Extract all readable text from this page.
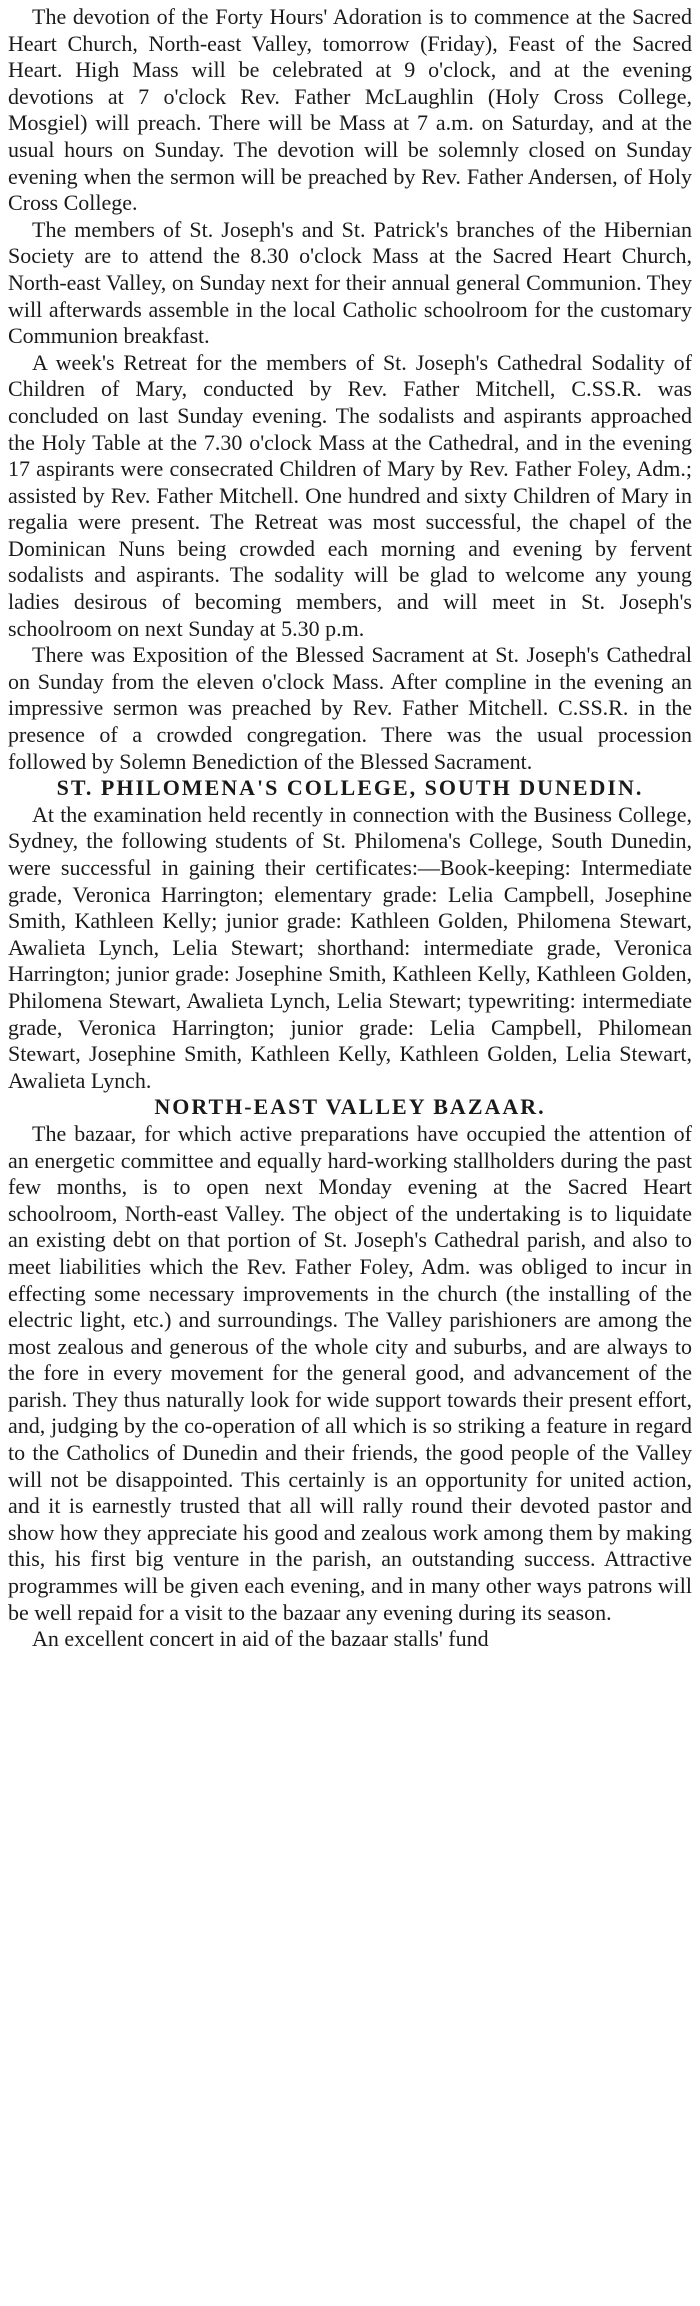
The devotion of the Forty Hours' Adoration is to commence at the Sacred Heart Church, North-east Valley, tomorrow (Friday), Feast of the Sacred Heart. High Mass will be celebrated at 9 o'clock, and at the evening devotions at 7 o'clock Rev. Father McLaughlin (Holy Cross College, Mosgiel) will preach. There will be Mass at 7 a.m. on Saturday, and at the usual hours on Sunday. The devotion will be solemnly closed on Sunday evening when the sermon will be preached by Rev. Father Andersen, of Holy Cross College.

The members of St. Joseph's and St. Patrick's branches of the Hibernian Society are to attend the 8.30 o'clock Mass at the Sacred Heart Church, North-east Valley, on Sunday next for their annual general Communion. They will afterwards assemble in the local Catholic schoolroom for the customary Communion breakfast.

A week's Retreat for the members of St. Joseph's Cathedral Sodality of Children of Mary, conducted by Rev. Father Mitchell, C.SS.R. was concluded on last Sunday evening. The sodalists and aspirants approached the Holy Table at the 7.30 o'clock Mass at the Cathedral, and in the evening 17 aspirants were consecrated Children of Mary by Rev. Father Foley, Adm.; assisted by Rev. Father Mitchell. One hundred and sixty Children of Mary in regalia were present. The Retreat was most successful, the chapel of the Dominican Nuns being crowded each morning and evening by fervent sodalists and aspirants. The sodality will be glad to welcome any young ladies desirous of becoming members, and will meet in St. Joseph's schoolroom on next Sunday at 5.30 p.m.

There was Exposition of the Blessed Sacrament at St. Joseph's Cathedral on Sunday from the eleven o'clock Mass. After compline in the evening an impressive sermon was preached by Rev. Father Mitchell. C.SS.R. in the presence of a crowded congregation. There was the usual procession followed by Solemn Benediction of the Blessed Sacrament.

ST. PHILOMENA'S COLLEGE, SOUTH DUNEDIN.

At the examination held recently in connection with the Business College, Sydney, the following students of St. Philomena's College, South Dunedin, were successful in gaining their certificates:—Book-keeping: Intermediate grade, Veronica Harrington; elementary grade: Lelia Campbell, Josephine Smith, Kathleen Kelly; junior grade: Kathleen Golden, Philomena Stewart, Awalieta Lynch, Lelia Stewart; shorthand: intermediate grade, Veronica Harrington; junior grade: Josephine Smith, Kathleen Kelly, Kathleen Golden, Philomena Stewart, Awalieta Lynch, Lelia Stewart; typewriting: intermediate grade, Veronica Harrington; junior grade: Lelia Campbell, Philomean Stewart, Josephine Smith, Kathleen Kelly, Kathleen Golden, Lelia Stewart, Awalieta Lynch.

NORTH-EAST VALLEY BAZAAR.

The bazaar, for which active preparations have occupied the attention of an energetic committee and equally hard-working stallholders during the past few months, is to open next Monday evening at the Sacred Heart schoolroom, North-east Valley. The object of the undertaking is to liquidate an existing debt on that portion of St. Joseph's Cathedral parish, and also to meet liabilities which the Rev. Father Foley, Adm. was obliged to incur in effecting some necessary improvements in the church (the installing of the electric light, etc.) and surroundings. The Valley parishioners are among the most zealous and generous of the whole city and suburbs, and are always to the fore in every movement for the general good, and advancement of the parish. They thus naturally look for wide support towards their present effort, and, judging by the co-operation of all which is so striking a feature in regard to the Catholics of Dunedin and their friends, the good people of the Valley will not be disappointed. This certainly is an opportunity for united action, and it is earnestly trusted that all will rally round their devoted pastor and show how they appreciate his good and zealous work among them by making this, his first big venture in the parish, an outstanding success. Attractive programmes will be given each evening, and in many other ways patrons will be well repaid for a visit to the bazaar any evening during its season.

An excellent concert in aid of the bazaar stalls' fund
